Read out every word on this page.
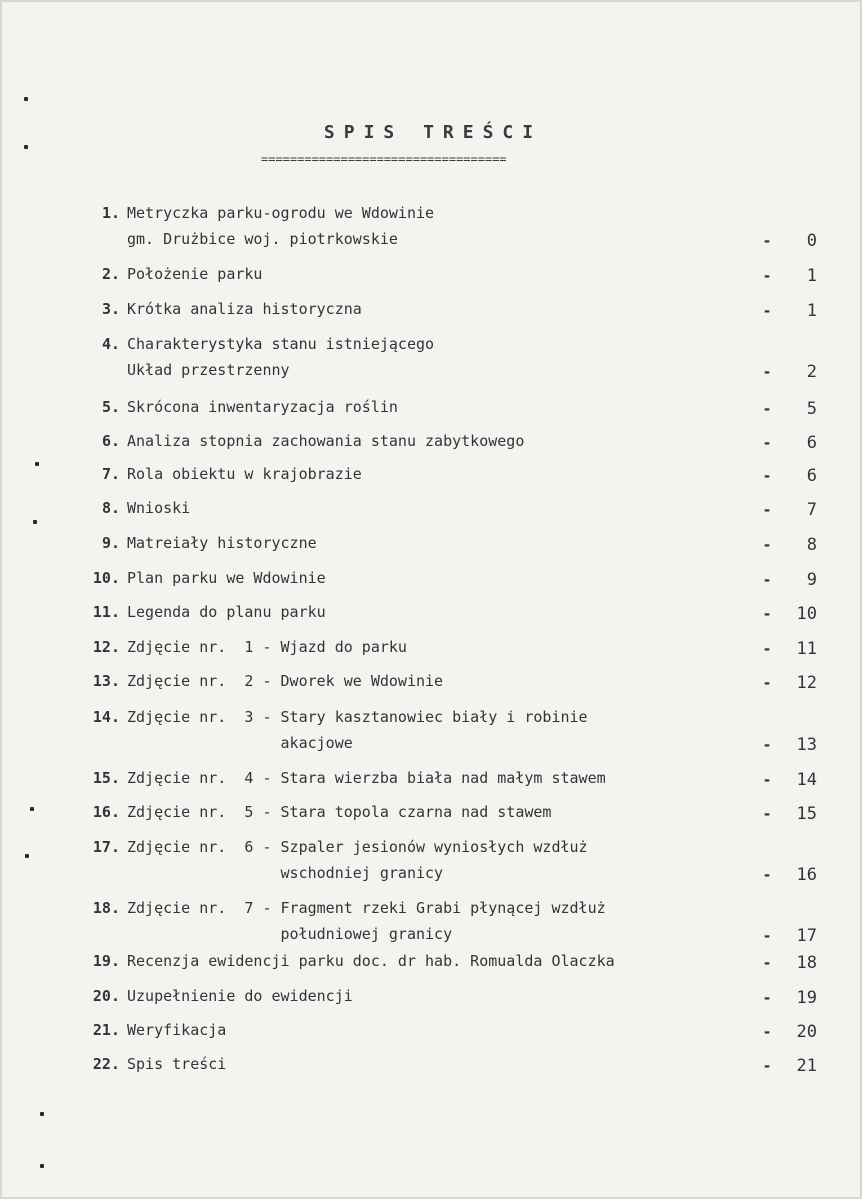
SPIS TREŚCI
==================================
1. Metryczka parku-ogrodu we Wdowinie
gm. Drużbice woj. piotrkowskie	-	0
2. Położenie parku	-	1
3. Krótka analiza historyczna	-	1
4. Charakterystyka stanu istniejącego
Układ przestrzenny	-	2
5. Skrócona inwentaryzacja roślin	-	5
6. Analiza stopnia zachowania stanu zabytkowego	-	6
7. Rola obiektu w krajobrazie	-	6
8. Wnioski	-	7
9. Matreiały historyczne	-	8
10. Plan parku we Wdowinie	-	9
11. Legenda do planu parku	-	10
12. Zdjęcie nr.  1 - Wjazd do parku	-	11
13. Zdjęcie nr.  2 - Dworek we Wdowinie	-	12
14. Zdjęcie nr.  3 - Stary kasztanowiec biały i robinie
akacjowe	-	13
15. Zdjęcie nr.  4 - Stara wierzba biała nad małym stawem	-	14
16. Zdjęcie nr.  5 - Stara topola czarna nad stawem	-	15
17. Zdjęcie nr.  6 - Szpaler jesionów wyniosłych wzdłuż
wschodniej granicy	-	16
18. Zdjęcie nr.  7 - Fragment rzeki Grabi płynącej wzdłuż
południowej granicy	-	17
19. Recenzja ewidencji parku doc. dr hab. Romualda Olaczka	-	18
20. Uzupełnienie do ewidencji	-	19
21. Weryfikacja	-	20
22. Spis treści	-	21
